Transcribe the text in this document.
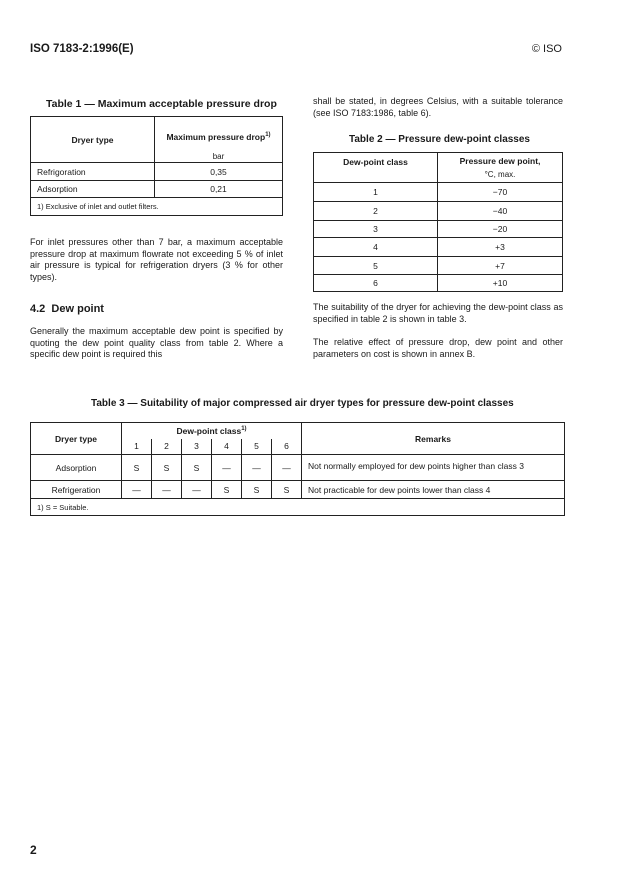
ISO 7183-2:1996(E)	© ISO
Table 1 — Maximum acceptable pressure drop
Dryer type	Maximum pressure drop$^{1)}$
	bar
Refrigoration	0,35
Adsorption	0,21
1) Exclusive of inlet and outlet filters.	
For inlet pressures other than 7 bar, a maximum acceptable pressure drop at maximum flowrate not exceeding 5 % of inlet air pressure is typical for refrigeration dryers (3 % for other types).
4.2 Dew point
Generally the maximum acceptable dew point is specified by quoting the dew point quality class from table 2. Where a specific dew point is required this
shall be stated, in degrees Celsius, with a suitable tolerance (see ISO 7183:1986, table 6).
Table 2 — Pressure dew-point classes
Dew-point class	Pressure dew point,
°C, max.
1	−70
2	−40
3	−20
4	+3
5	+7
6	+10
The suitability of the dryer for achieving the dew-point class as specified in table 2 is shown in table 3.
The relative effect of pressure drop, dew point and other parameters on cost is shown in annex B.
Table 3 — Suitability of major compressed air dryer types for pressure dew-point classes
Dryer type	Dew-point class$^{1)}$						Remarks
	1	2	3	4	5	6	
Adsorption	S	S	S	—	—	—	Not normally employed for dew points higher than class 3
Refrigeration	—	—	—	S	S	S	Not practicable for dew points lower than class 4
1) S = Suitable.							
2
